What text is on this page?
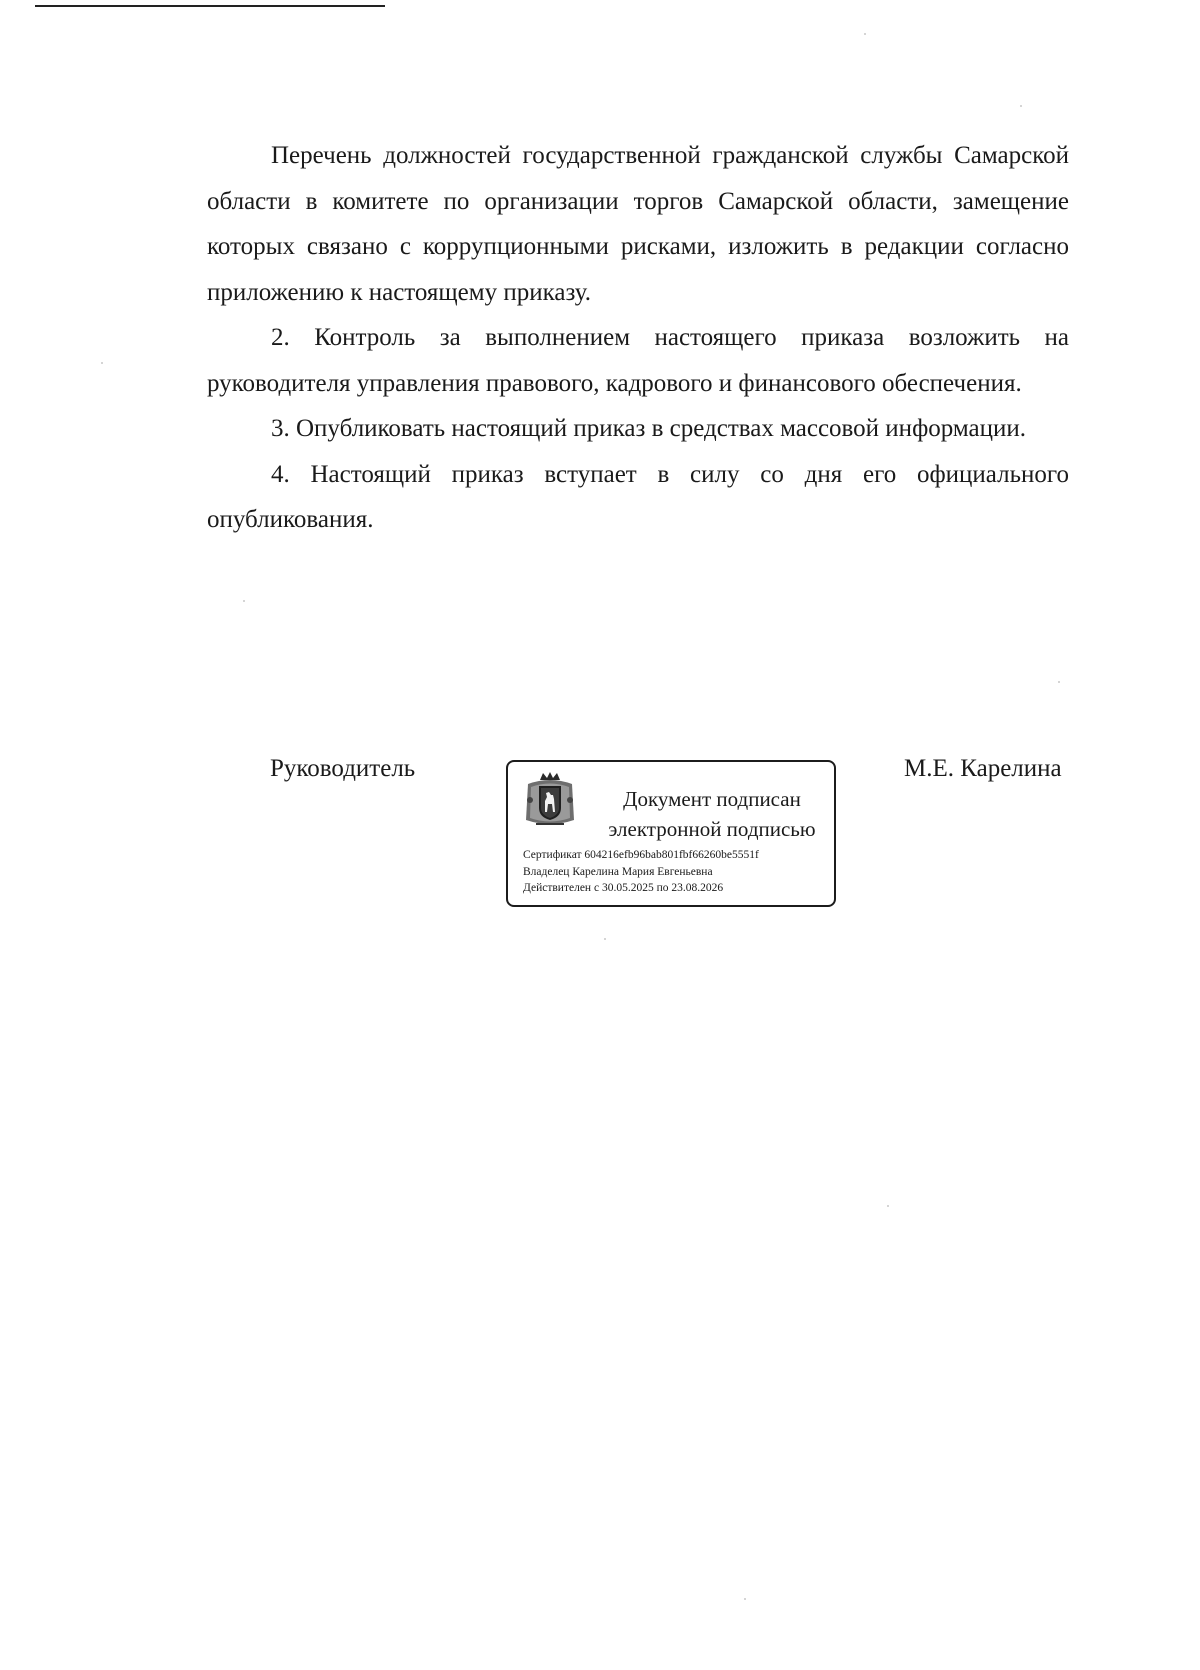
Перечень должностей государственной гражданской службы Самарской области в комитете по организации торгов Самарской области, замещение которых связано с коррупционными рисками, изложить в редакции согласно приложению к настоящему приказу.

2. Контроль за выполнением настоящего приказа возложить на руководителя управления правового, кадрового и финансового обеспечения.

3. Опубликовать настоящий приказ в средствах массовой информации.

4. Настоящий приказ вступает в силу со дня его официального опубликования.

Руководитель
Документ подписан
электронной подписью
Сертификат 604216efb96bab801fbf66260be5551f
Владелец Карелина Мария Евгеньевна
Действителен с 30.05.2025 по 23.08.2026
М.Е. Карелина
